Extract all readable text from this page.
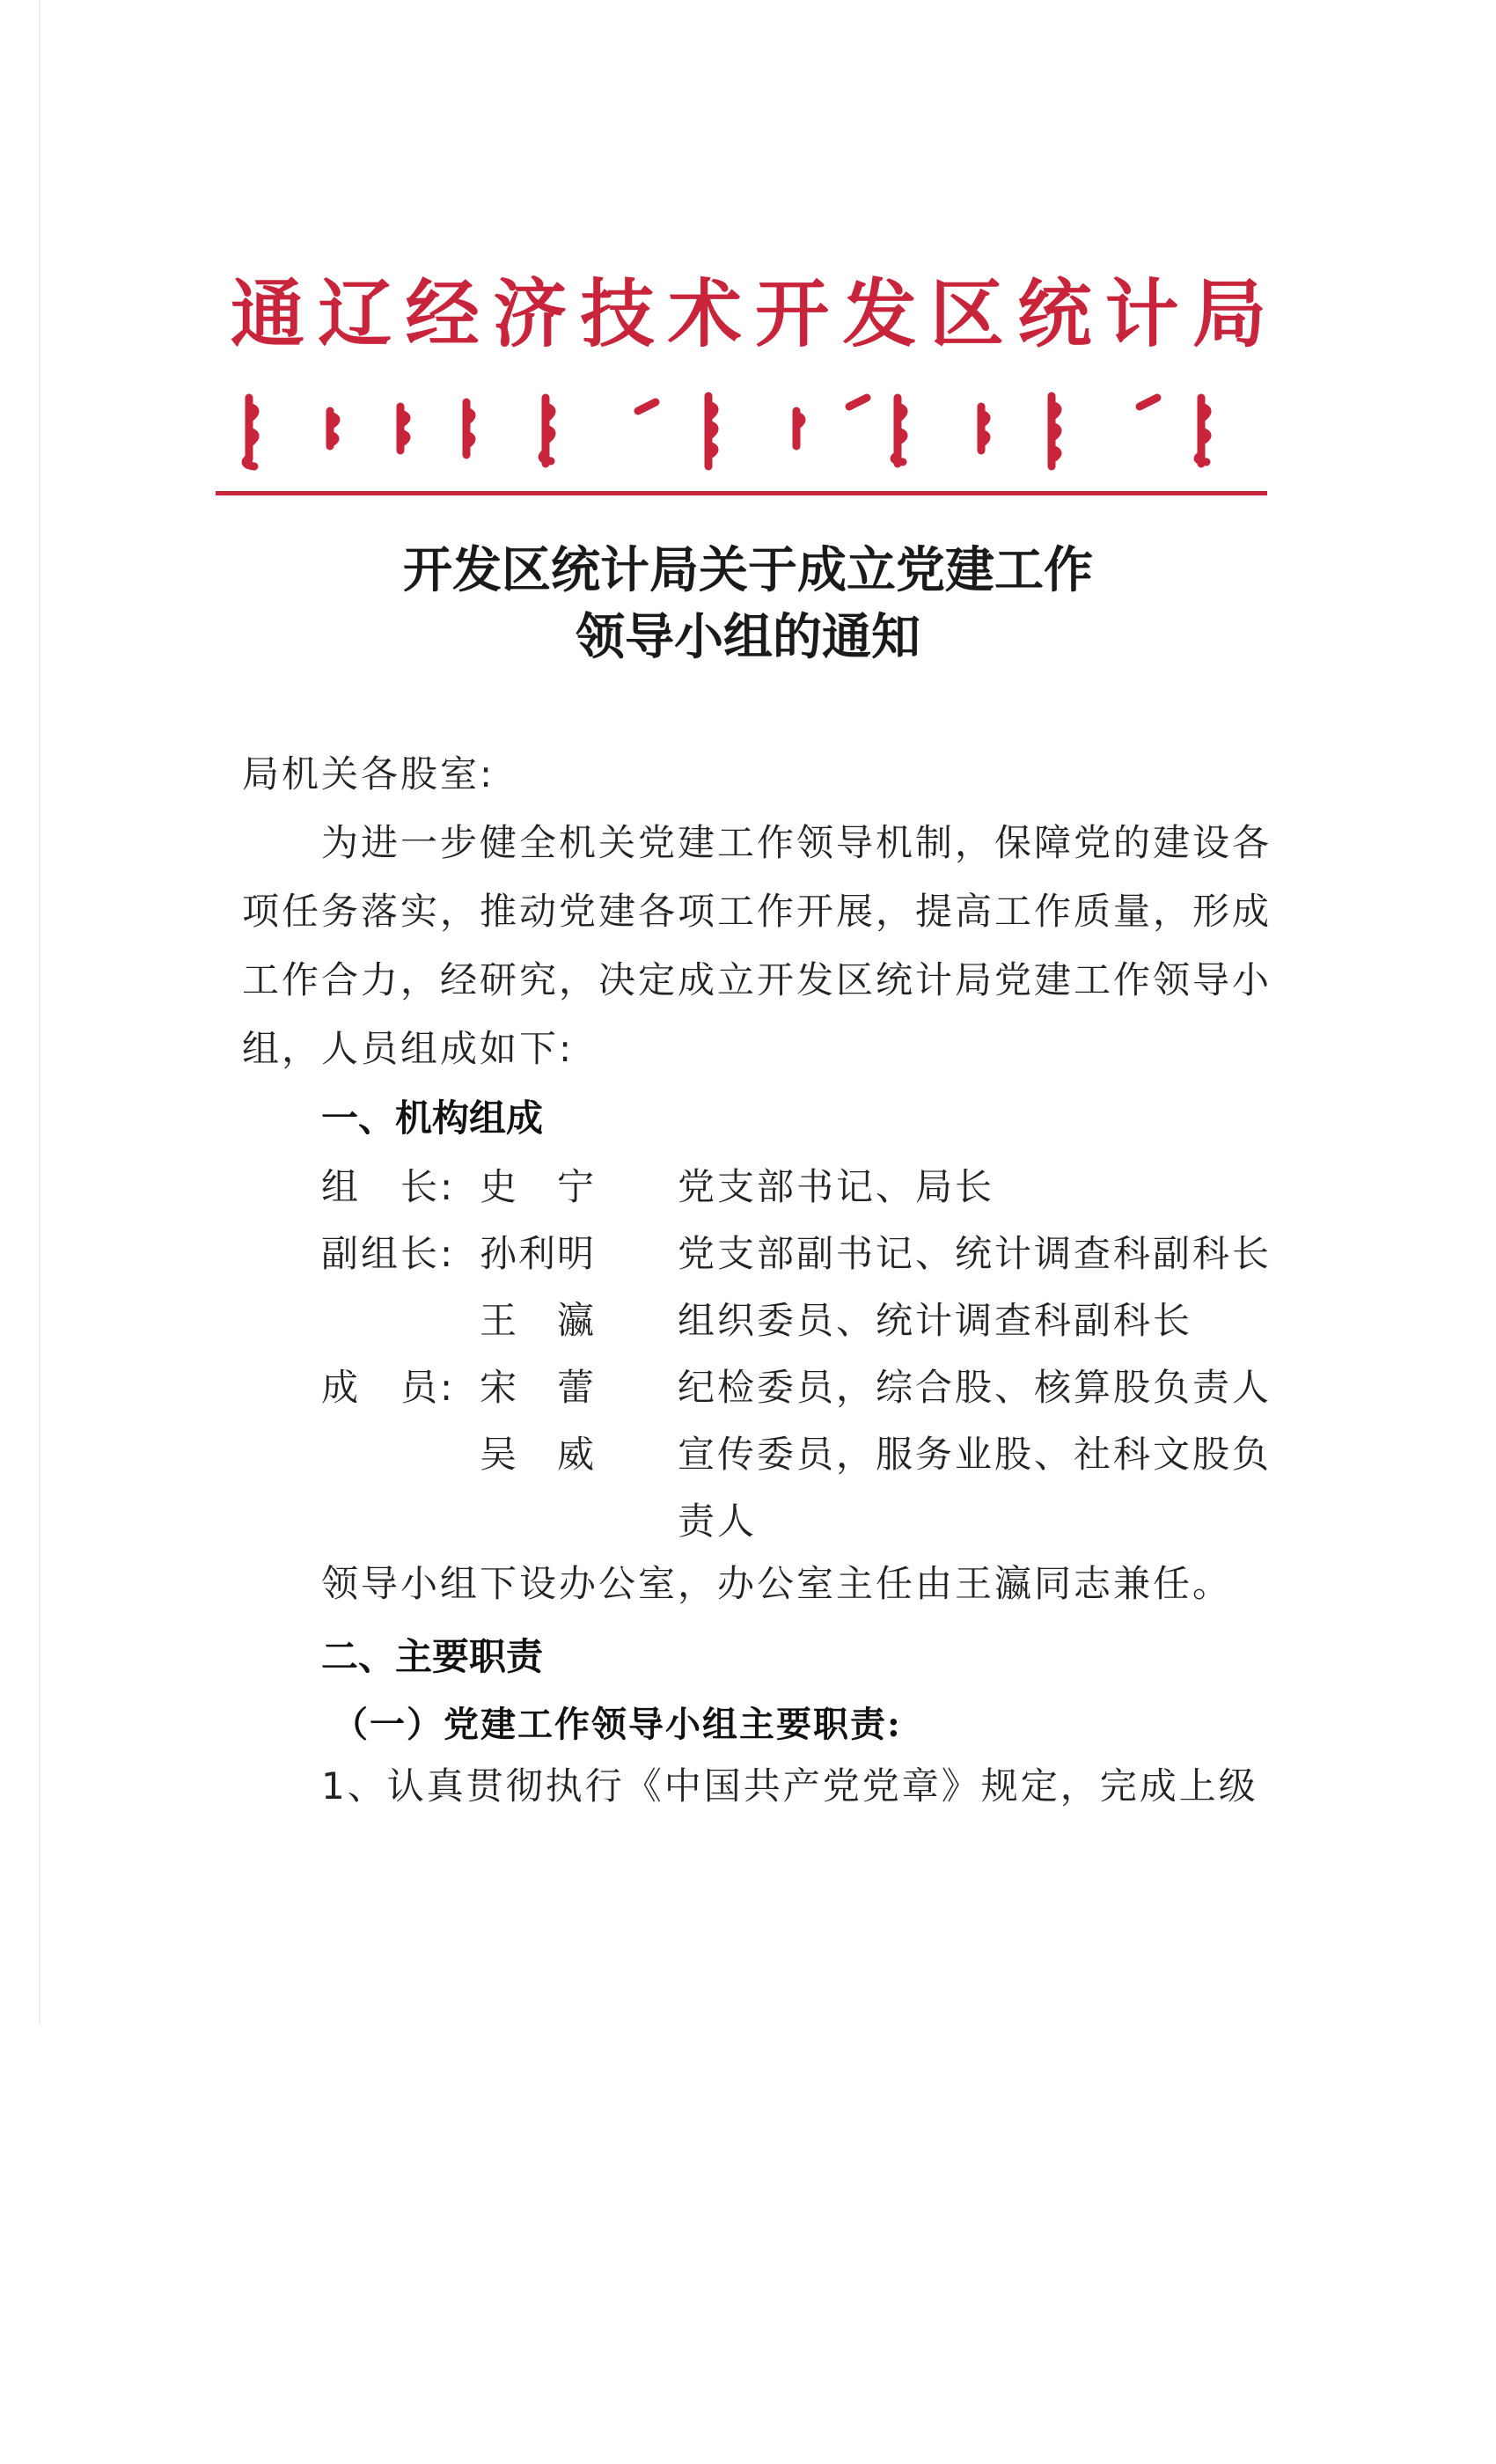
通辽经济技术开发区统计局
开发区统计局关于成立党建工作
领导小组的通知
局机关各股室:
为进一步健全机关党建工作领导机制，保障党的建设各
项任务落实，推动党建各项工作开展，提高工作质量，形成
工作合力，经研究，决定成立开发区统计局党建工作领导小
组，人员组成如下:
一、机构组成
组　长: 史　宁 党支部书记、局长
副组长: 孙利明 党支部副书记、统计调查科副科长
王　瀛 组织委员、统计调查科副科长
成　员: 宋　蕾 纪检委员，综合股、核算股负责人
吴　威 宣传委员，服务业股、社科文股负
责人
领导小组下设办公室，办公室主任由王瀛同志兼任。
二、主要职责
（一）党建工作领导小组主要职责:
1、认真贯彻执行《中国共产党党章》规定，完成上级
